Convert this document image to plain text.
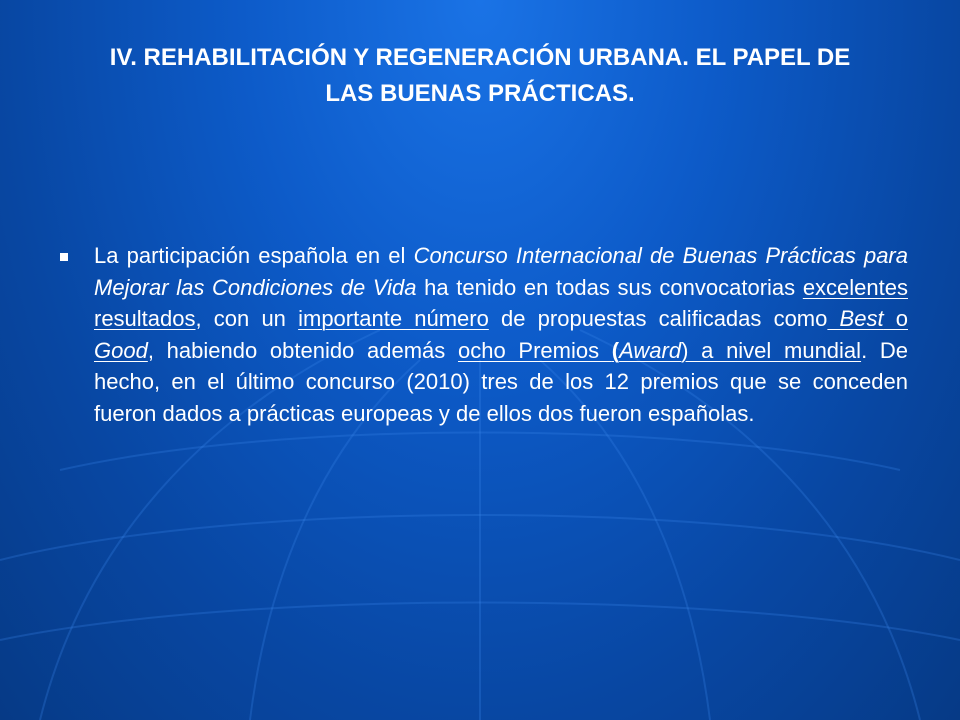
IV. REHABILITACIÓN Y REGENERACIÓN URBANA. EL PAPEL DE
LAS BUENAS PRÁCTICAS.

La participación española en el Concurso Internacional de Buenas Prácticas para Mejorar las Condiciones de Vida ha tenido en todas sus convocatorias excelentes resultados, con un importante número de propuestas calificadas como Best o Good, habiendo obtenido además ocho Premios (Award) a nivel mundial. De hecho, en el último concurso (2010) tres de los 12 premios que se conceden fueron dados a prácticas europeas y de ellos dos fueron españolas.
